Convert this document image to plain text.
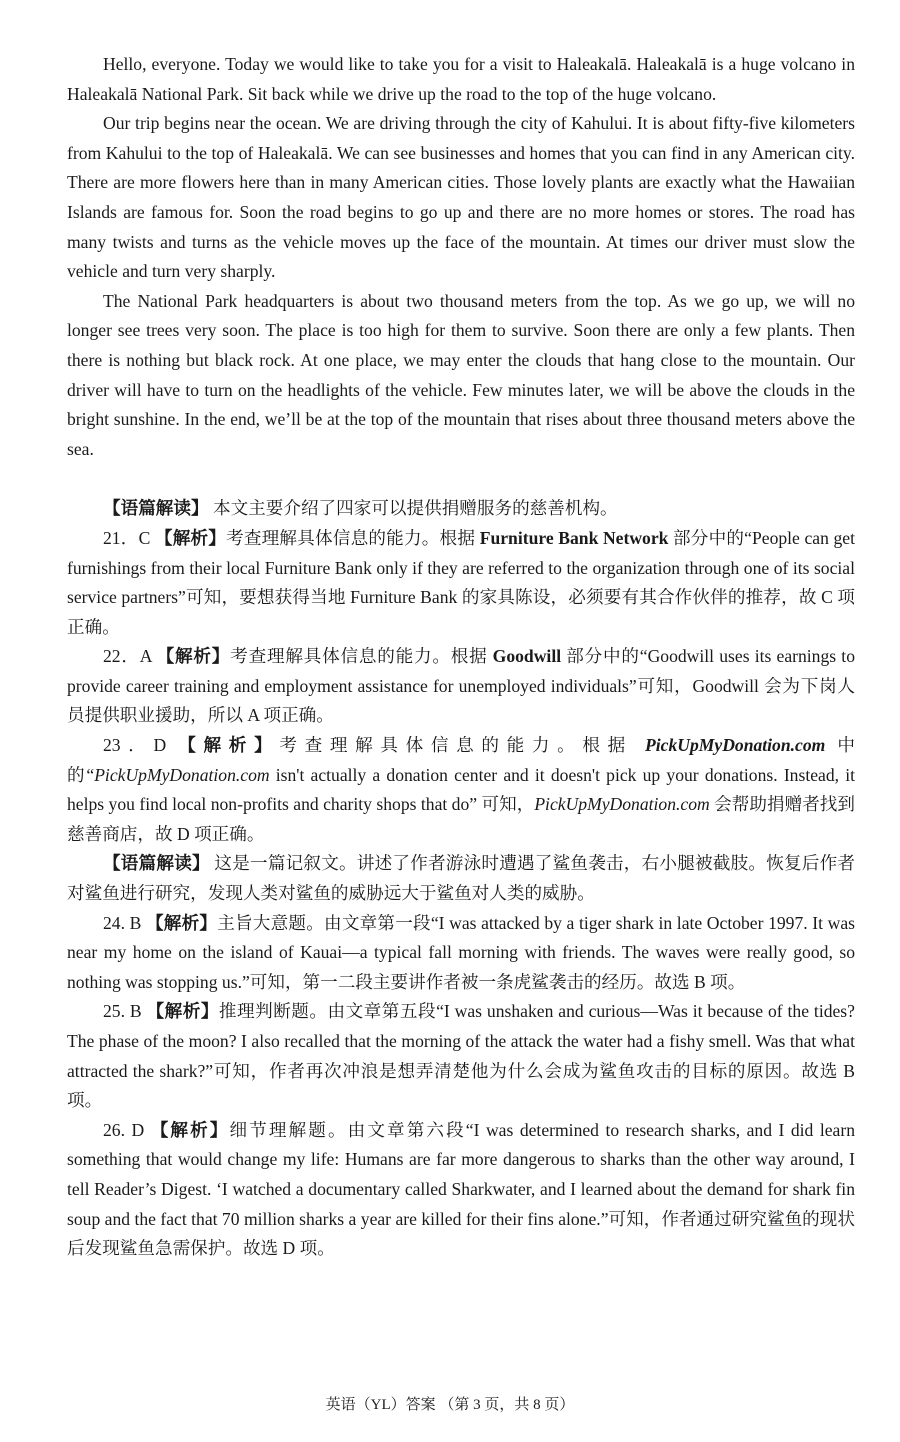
Hello, everyone. Today we would like to take you for a visit to Haleakalā. Haleakalā is a huge volcano in Haleakalā National Park. Sit back while we drive up the road to the top of the huge volcano.

Our trip begins near the ocean. We are driving through the city of Kahului. It is about fifty-five kilometers from Kahului to the top of Haleakalā. We can see businesses and homes that you can find in any American city. There are more flowers here than in many American cities. Those lovely plants are exactly what the Hawaiian Islands are famous for. Soon the road begins to go up and there are no more homes or stores. The road has many twists and turns as the vehicle moves up the face of the mountain. At times our driver must slow the vehicle and turn very sharply.

The National Park headquarters is about two thousand meters from the top. As we go up, we will no longer see trees very soon. The place is too high for them to survive. Soon there are only a few plants. Then there is nothing but black rock. At one place, we may enter the clouds that hang close to the mountain. Our driver will have to turn on the headlights of the vehicle. Few minutes later, we will be above the clouds in the bright sunshine. In the end, we’ll be at the top of the mountain that rises about three thousand meters above the sea.

【语篇解读】 本文主要介绍了四家可以提供捐赠服务的慈善机构。

21．C 【解析】考查理解具体信息的能力。根据 Furniture Bank Network 部分中的“People can get furnishings from their local Furniture Bank only if they are referred to the organization through one of its social service partners”可知，要想获得当地 Furniture Bank 的家具陈设，必须要有其合作伙伴的推荐，故 C 项正确。

22．A 【解析】考查理解具体信息的能力。根据 Goodwill 部分中的“Goodwill uses its earnings to provide career training and employment assistance for unemployed individuals”可知，Goodwill 会为下岗人员提供职业援助，所以 A 项正确。

23．D 【解析】考查理解具体信息的能力。根据 PickUpMyDonation.com 中的“PickUpMyDonation.com isn't actually a donation center and it doesn't pick up your donations. Instead, it helps you find local non-profits and charity shops that do” 可知，PickUpMyDonation.com 会帮助捐赠者找到慈善商店，故 D 项正确。

【语篇解读】 这是一篇记叙文。讲述了作者游泳时遭遇了鲨鱼袭击，右小腿被截肢。恢复后作者对鲨鱼进行研究，发现人类对鲨鱼的威胁远大于鲨鱼对人类的威胁。

24. B 【解析】主旨大意题。由文章第一段“I was attacked by a tiger shark in late October 1997. It was near my home on the island of Kauai—a typical fall morning with friends. The waves were really good, so nothing was stopping us.”可知，第一二段主要讲作者被一条虎鲨袭击的经历。故选 B 项。

25. B 【解析】推理判断题。由文章第五段“I was unshaken and curious—Was it because of the tides? The phase of the moon? I also recalled that the morning of the attack the water had a fishy smell. Was that what attracted the shark?”可知，作者再次冲浪是想弄清楚他为什么会成为鲨鱼攻击的目标的原因。故选 B 项。

26. D 【解析】细节理解题。由文章第六段“I was determined to research sharks, and I did learn something that would change my life: Humans are far more dangerous to sharks than the other way around, I tell Reader’s Digest. ‘I watched a documentary called Sharkwater, and I learned about the demand for shark fin soup and the fact that 70 million sharks a year are killed for their fins alone.”可知，作者通过研究鲨鱼的现状后发现鲨鱼急需保护。故选 D 项。

英语（YL）答案 （第 3 页，共 8 页）
